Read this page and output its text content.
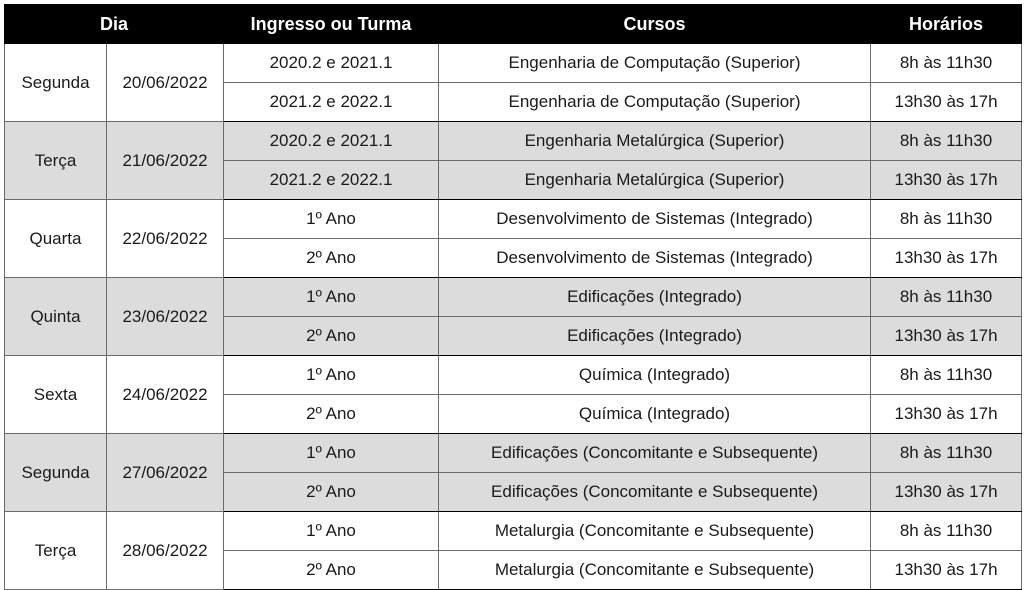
Dia		Ingresso ou Turma	Cursos	Horários
Segunda	20/06/2022	2020.2 e 2021.1	Engenharia de Computação (Superior)	8h às 11h30
		2021.2 e 2022.1	Engenharia de Computação (Superior)	13h30 às 17h
Terça	21/06/2022	2020.2 e 2021.1	Engenharia Metalúrgica (Superior)	8h às 11h30
		2021.2 e 2022.1	Engenharia Metalúrgica (Superior)	13h30 às 17h
Quarta	22/06/2022	1º Ano	Desenvolvimento de Sistemas (Integrado)	8h às 11h30
		2º Ano	Desenvolvimento de Sistemas (Integrado)	13h30 às 17h
Quinta	23/06/2022	1º Ano	Edificações (Integrado)	8h às 11h30
		2º Ano	Edificações (Integrado)	13h30 às 17h
Sexta	24/06/2022	1º Ano	Química (Integrado)	8h às 11h30
		2º Ano	Química (Integrado)	13h30 às 17h
Segunda	27/06/2022	1º Ano	Edificações (Concomitante e Subsequente)	8h às 11h30
		2º Ano	Edificações (Concomitante e Subsequente)	13h30 às 17h
Terça	28/06/2022	1º Ano	Metalurgia (Concomitante e Subsequente)	8h às 11h30
		2º Ano	Metalurgia (Concomitante e Subsequente)	13h30 às 17h
